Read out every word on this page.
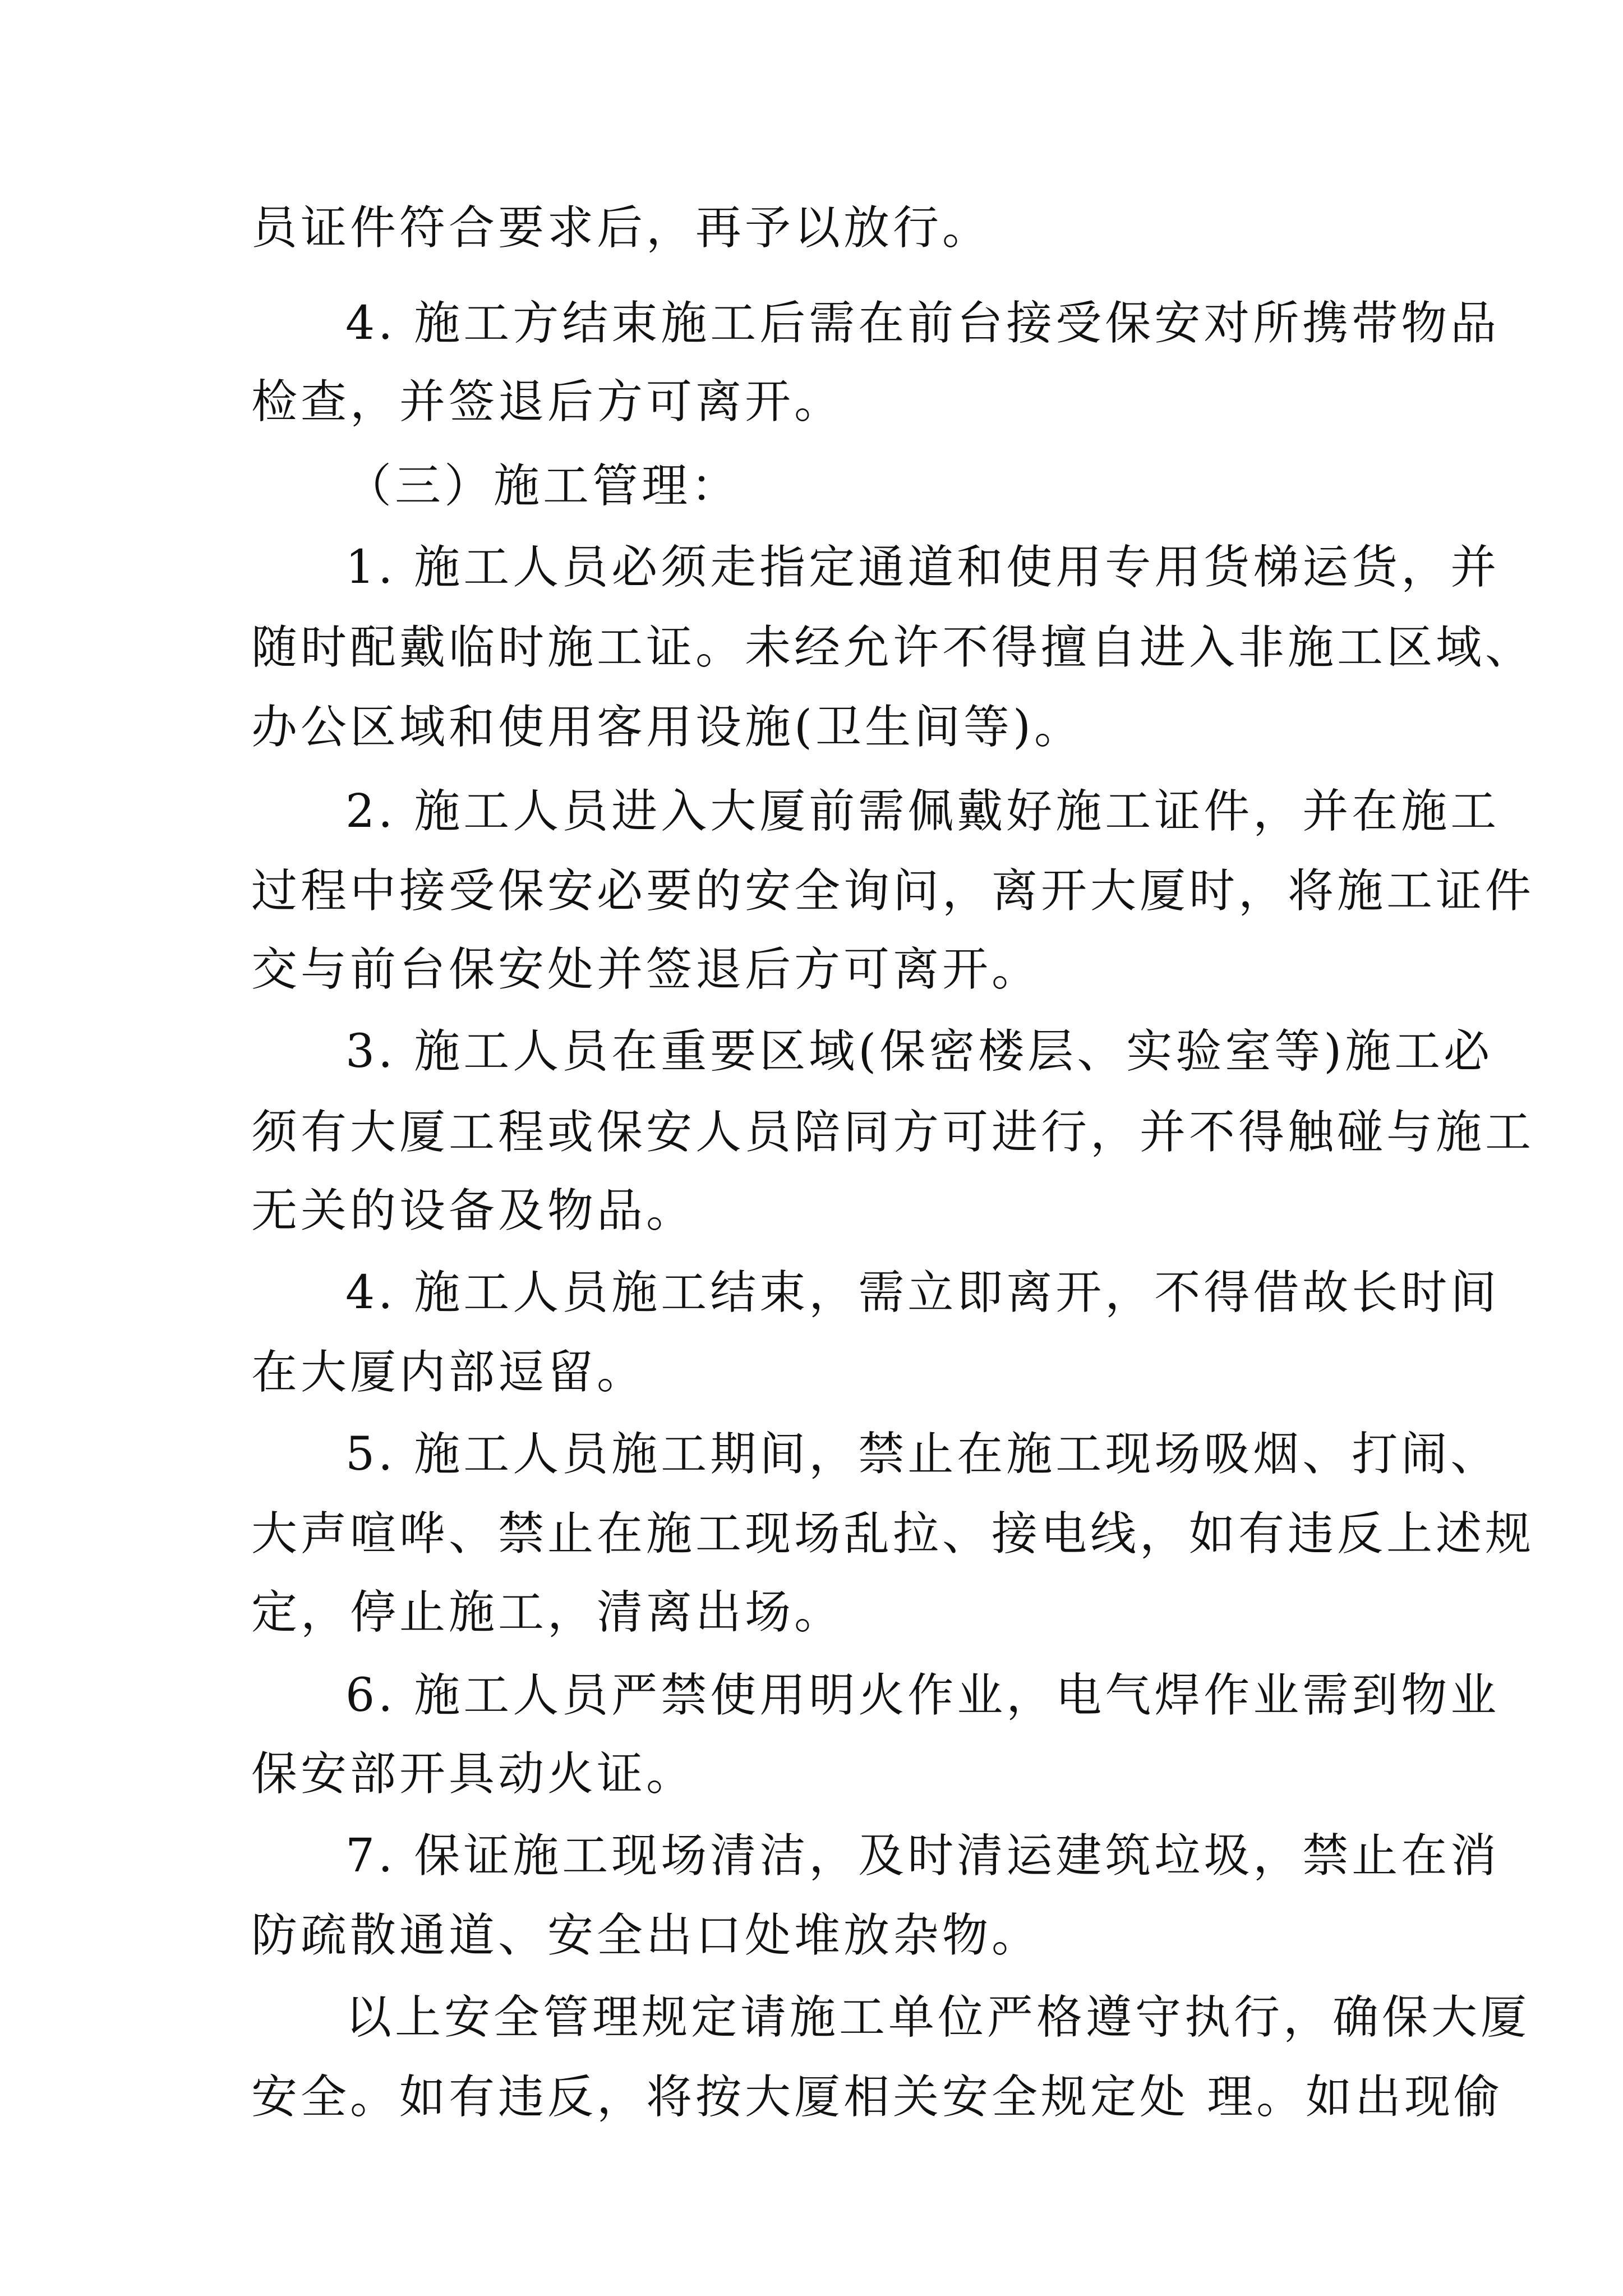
员证件符合要求后，再予以放行。
4. 施工方结束施工后需在前台接受保安对所携带物品
检查，并签退后方可离开。
（三）施工管理：
1. 施工人员必须走指定通道和使用专用货梯运货，并
随时配戴临时施工证。未经允许不得擅自进入非施工区域、
办公区域和使用客用设施(卫生间等)。
2. 施工人员进入大厦前需佩戴好施工证件，并在施工
过程中接受保安必要的安全询问，离开大厦时，将施工证件
交与前台保安处并签退后方可离开。
3. 施工人员在重要区域(保密楼层、实验室等)施工必
须有大厦工程或保安人员陪同方可进行，并不得触碰与施工
无关的设备及物品。
4. 施工人员施工结束，需立即离开，不得借故长时间
在大厦内部逗留。
5. 施工人员施工期间，禁止在施工现场吸烟、打闹、
大声喧哗、禁止在施工现场乱拉、接电线，如有违反上述规
定，停止施工，清离出场。
6. 施工人员严禁使用明火作业，电气焊作业需到物业
保安部开具动火证。
7. 保证施工现场清洁，及时清运建筑垃圾，禁止在消
防疏散通道、安全出口处堆放杂物。
以上安全管理规定请施工单位严格遵守执行，确保大厦
安全。如有违反，将按大厦相关安全规定处 理。如出现偷
